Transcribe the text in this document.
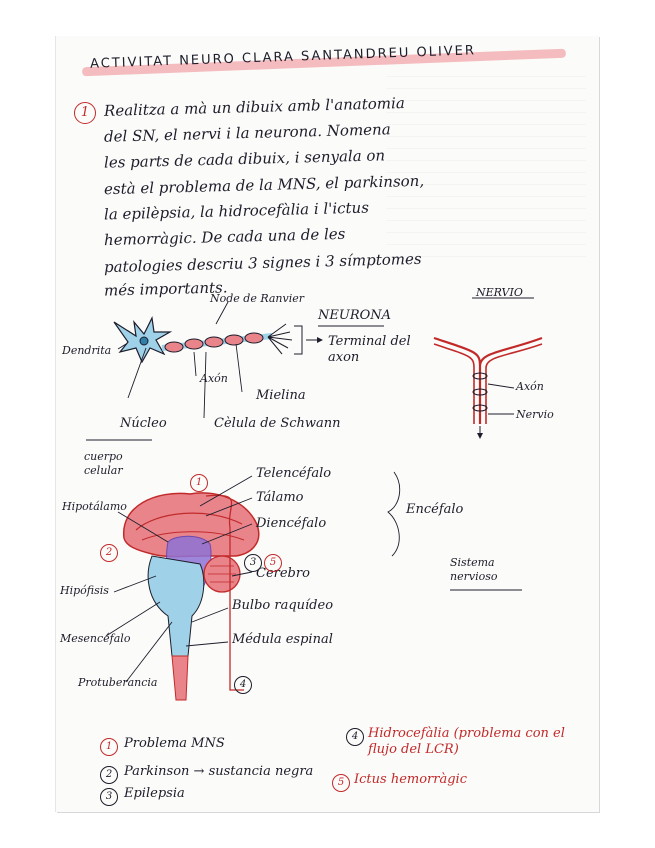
ACTIVITAT NEURO CLARA SANTANDREU OLIVER
1 Realitza a mà un dibuix amb l'anatomia
del SN, el nervi i la neurona. Nomena
les parts de cada dibuix, i senyala on
està el problema de la MNS, el parkinson,
la epilèpsia, la hidrocefàlia i l'ictus
hemorràgic. De cada una de les
patologies descriu 3 signes i 3 símptomes
més importants.
Node de Ranvier
NEURONA
Dendrita
Axón
Terminal del axon
Mielina
Núcleo	Cèlula de Schwann
cuerpo celular
NERVIO
Axón
Nervio
Telencéfalo
Tálamo
Diencéfalo
Encéfalo
Cerebro
Sistema nervioso
Bulbo raquídeo
Médula espinal
Hipotálamo
Hipófisis
Mesencéfalo
Protuberancia
1
2
3	5
4
1 Problema MNS
2 Parkinson → sustancia negra
3 Epilepsia
4 Hidrocefàlia (problema con el flujo del LCR)
5 Ictus hemorràgic
